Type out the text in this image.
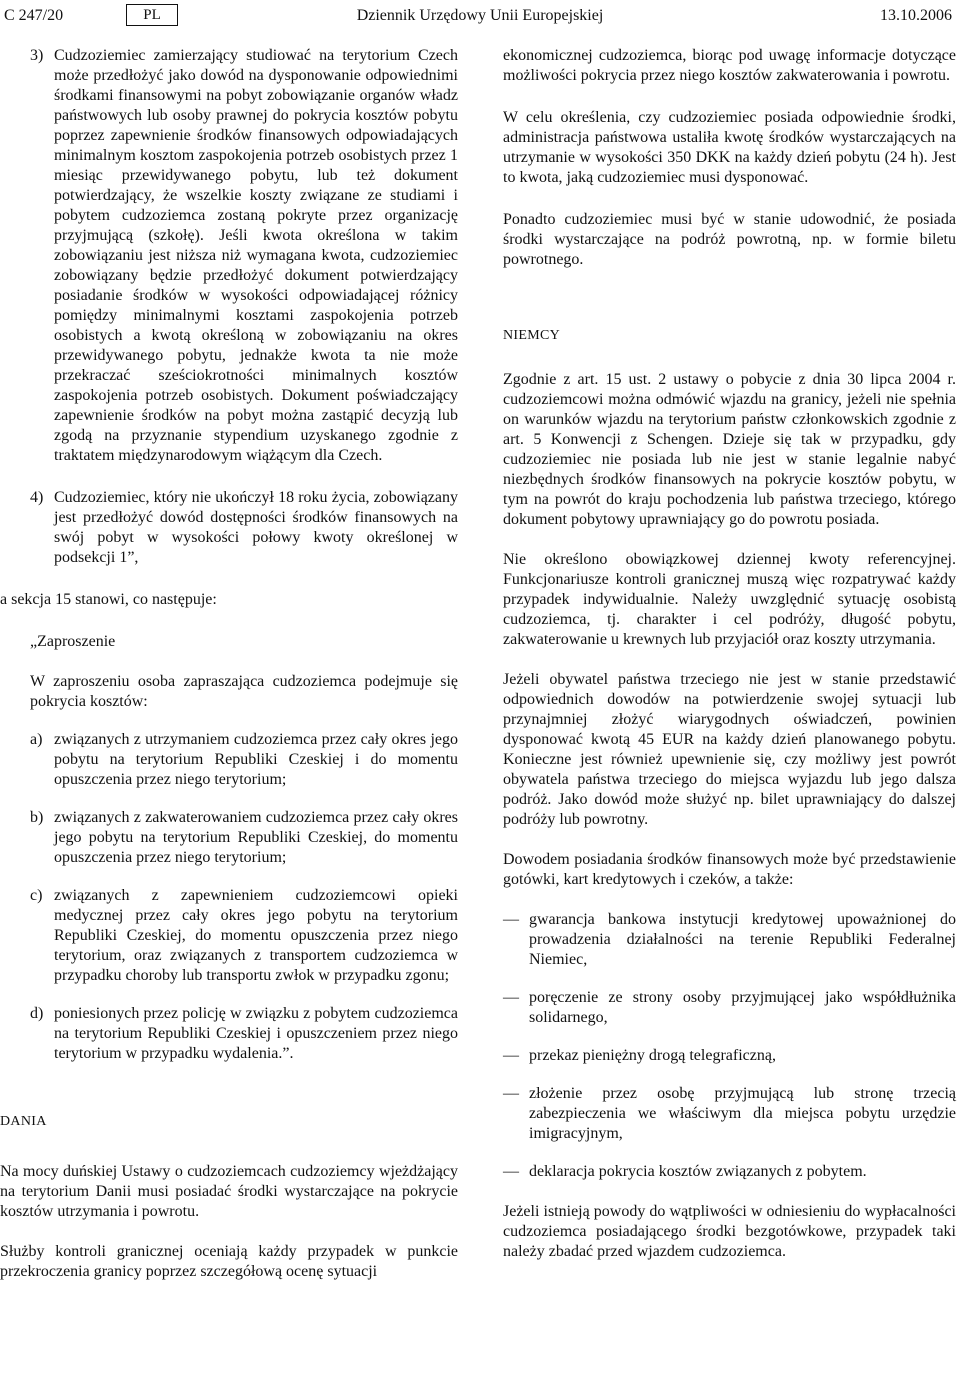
C 247/20	PL	Dziennik Urzędowy Unii Europejskiej	13.10.2006
3) Cudzoziemiec zamierzający studiować na terytorium Czech może przedłożyć jako dowód na dysponowanie odpowiednimi środkami finansowymi na pobyt zobowiązanie organów władz państwowych lub osoby prawnej do pokrycia kosztów pobytu poprzez zapewnienie środków finansowych odpowiadających minimalnym kosztom zaspokojenia potrzeb osobistych przez 1 miesiąc przewidywanego pobytu, lub też dokument potwierdzający, że wszelkie koszty związane ze studiami i pobytem cudzoziemca zostaną pokryte przez organizację przyjmującą (szkołę). Jeśli kwota określona w takim zobowiązaniu jest niższa niż wymagana kwota, cudzoziemiec zobowiązany będzie przedłożyć dokument potwierdzający posiadanie środków w wysokości odpowiadającej różnicy pomiędzy minimalnymi kosztami zaspokojenia potrzeb osobistych a kwotą określoną w zobowiązaniu na okres przewidywanego pobytu, jednakże kwota ta nie może przekraczać sześciokrotności minimalnych kosztów zaspokojenia potrzeb osobistych. Dokument poświadczający zapewnienie środków na pobyt można zastąpić decyzją lub zgodą na przyznanie stypendium uzyskanego zgodnie z traktatem międzynarodowym wiążącym dla Czech.
4) Cudzoziemiec, który nie ukończył 18 roku życia, zobowiązany jest przedłożyć dowód dostępności środków finansowych na swój pobyt w wysokości połowy kwoty określonej w podsekcji 1”,

a sekcja 15 stanowi, co następuje:

„Zaproszenie

W zaproszeniu osoba zapraszająca cudzoziemca podejmuje się pokrycia kosztów:

a) związanych z utrzymaniem cudzoziemca przez cały okres jego pobytu na terytorium Republiki Czeskiej i do momentu opuszczenia przez niego terytorium;
b) związanych z zakwaterowaniem cudzoziemca przez cały okres jego pobytu na terytorium Republiki Czeskiej, do momentu opuszczenia przez niego terytorium;
c) związanych z zapewnieniem cudzoziemcowi opieki medycznej przez cały okres jego pobytu na terytorium Republiki Czeskiej, do momentu opuszczenia przez niego terytorium, oraz związanych z transportem cudzoziemca w przypadku choroby lub transportu zwłok w przypadku zgonu;
d) poniesionych przez policję w związku z pobytem cudzoziemca na terytorium Republiki Czeskiej i opuszczeniem przez niego terytorium w przypadku wydalenia.”.

DANIA

Na mocy duńskiej Ustawy o cudzoziemcach cudzoziemcy wjeżdżający na terytorium Danii musi posiadać środki wystarczające na pokrycie kosztów utrzymania i powrotu.

Służby kontroli granicznej oceniają każdy przypadek w punkcie przekroczenia granicy poprzez szczegółową ocenę sytuacji

ekonomicznej cudzoziemca, biorąc pod uwagę informacje dotyczące możliwości pokrycia przez niego kosztów zakwaterowania i powrotu.

W celu określenia, czy cudzoziemiec posiada odpowiednie środki, administracja państwowa ustaliła kwotę środków wystarczających na utrzymanie w wysokości 350 DKK na każdy dzień pobytu (24 h). Jest to kwota, jaką cudzoziemiec musi dysponować.

Ponadto cudzoziemiec musi być w stanie udowodnić, że posiada środki wystarczające na podróż powrotną, np. w formie biletu powrotnego.

NIEMCY

Zgodnie z art. 15 ust. 2 ustawy o pobycie z dnia 30 lipca 2004 r. cudzoziemcowi można odmówić wjazdu na granicy, jeżeli nie spełnia on warunków wjazdu na terytorium państw członkowskich zgodnie z art. 5 Konwencji z Schengen. Dzieje się tak w przypadku, gdy cudzoziemiec nie posiada lub nie jest w stanie legalnie nabyć niezbędnych środków finansowych na pokrycie kosztów pobytu, w tym na powrót do kraju pochodzenia lub państwa trzeciego, którego dokument pobytowy uprawniający go do powrotu posiada.

Nie określono obowiązkowej dziennej kwoty referencyjnej. Funkcjonariusze kontroli granicznej muszą więc rozpatrywać każdy przypadek indywidualnie. Należy uwzględnić sytuację osobistą cudzoziemca, tj. charakter i cel podróży, długość pobytu, zakwaterowanie u krewnych lub przyjaciół oraz koszty utrzymania.

Jeżeli obywatel państwa trzeciego nie jest w stanie przedstawić odpowiednich dowodów na potwierdzenie swojej sytuacji lub przynajmniej złożyć wiarygodnych oświadczeń, powinien dysponować kwotą 45 EUR na każdy dzień planowanego pobytu. Konieczne jest również upewnienie się, czy możliwy jest powrót obywatela państwa trzeciego do miejsca wyjazdu lub jego dalsza podróż. Jako dowód może służyć np. bilet uprawniający do dalszej podróży lub powrotny.

Dowodem posiadania środków finansowych może być przedstawienie gotówki, kart kredytowych i czeków, a także:

— gwarancja bankowa instytucji kredytowej upoważnionej do prowadzenia działalności na terenie Republiki Federalnej Niemiec,
— poręczenie ze strony osoby przyjmującej jako współdłużnika solidarnego,
— przekaz pieniężny drogą telegraficzną,
— złożenie przez osobę przyjmującą lub stronę trzecią zabezpieczenia we właściwym dla miejsca pobytu urzędzie imigracyjnym,
— deklaracja pokrycia kosztów związanych z pobytem.

Jeżeli istnieją powody do wątpliwości w odniesieniu do wypłacalności cudzoziemca posiadającego środki bezgotówkowe, przypadek taki należy zbadać przed wjazdem cudzoziemca.
